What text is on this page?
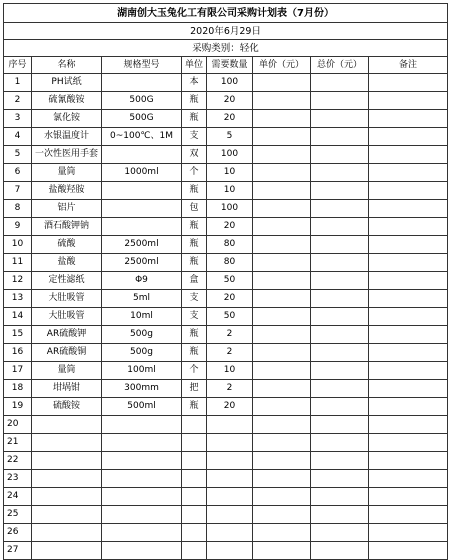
湖南创大玉兔化工有限公司采购计划表（7月份）							
2020年6月29日							
采购类别：轻化							
序号	名称	规格型号	单位	需要数量	单价（元）	总价（元）	备注
1	PH试纸		本	100			
2	硫氰酸铵	500G	瓶	20			
3	氯化铵	500G	瓶	20			
4	水银温度计	0~100℃、1M	支	5			
5	一次性医用手套		双	100			
6	量筒	1000ml	个	10			
7	盐酸羟胺		瓶	10			
8	铝片		包	100			
9	酒石酸钾钠		瓶	20			
10	硫酸	2500ml	瓶	80			
11	盐酸	2500ml	瓶	80			
12	定性滤纸	Φ9	盒	50			
13	大肚吸管	5ml	支	20			
14	大肚吸管	10ml	支	50			
15	AR硫酸钾	500g	瓶	2			
16	AR硫酸铜	500g	瓶	2			
17	量筒	100ml	个	10			
18	坩埚钳	300mm	把	2			
19	硫酸铵	500ml	瓶	20			
20							
21							
22							
23							
24							
25							
26							
27							
